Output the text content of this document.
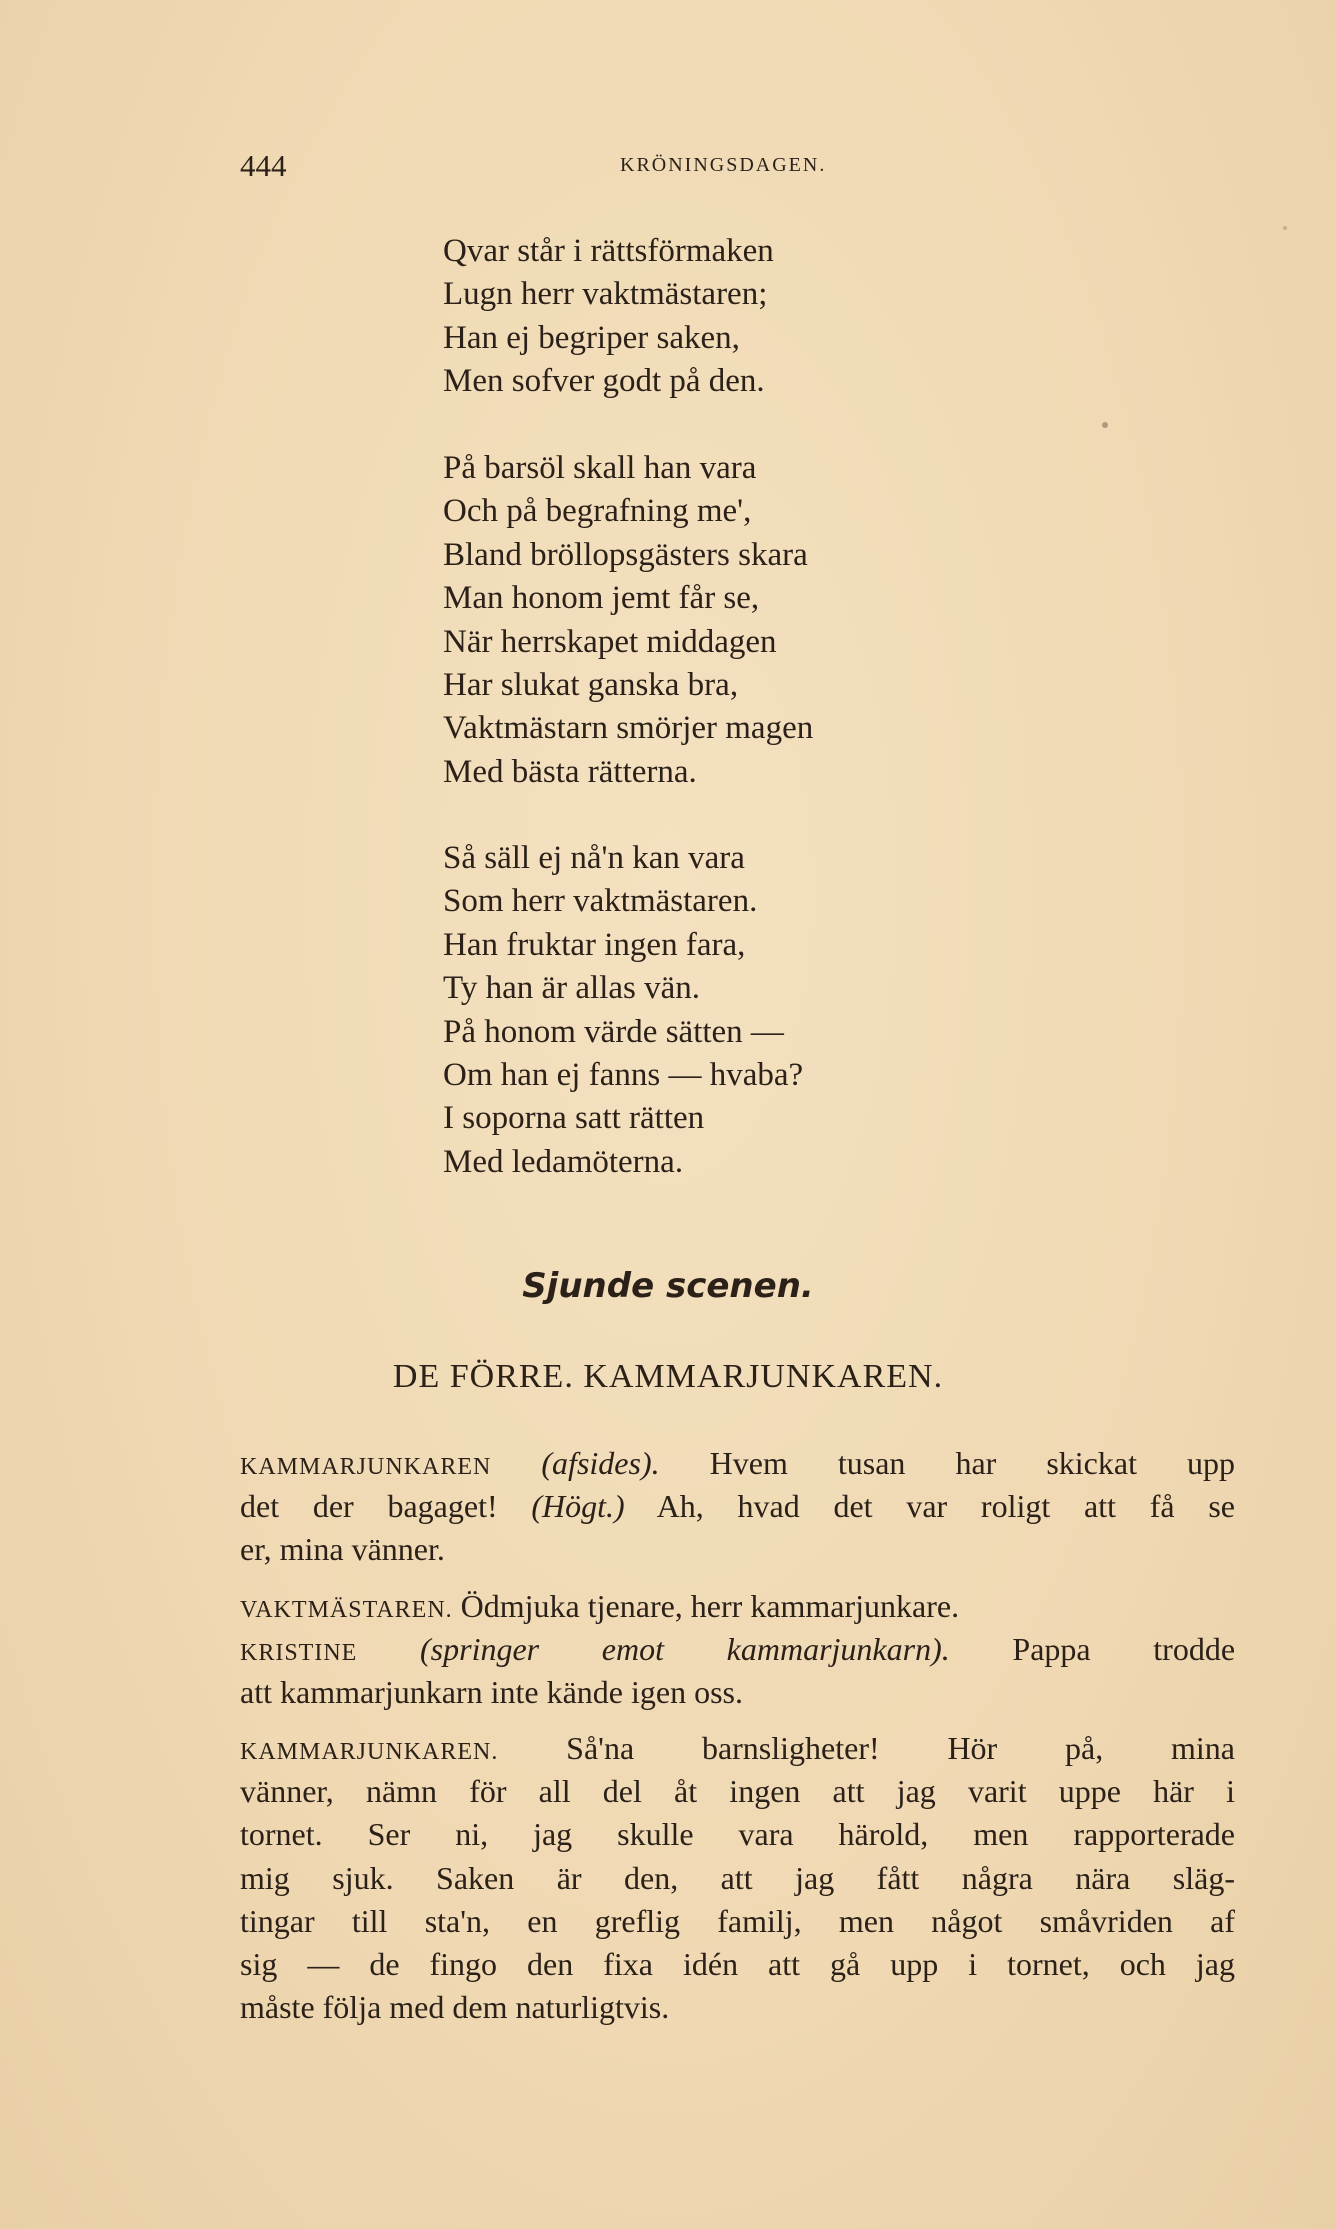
444	KRÖNINGSDAGEN.
Qvar står i rättsförmaken
Lugn herr vaktmästaren;
Han ej begriper saken,
Men sofver godt på den.
På barsöl skall han vara
Och på begrafning me',
Bland bröllopsgästers skara
Man honom jemt får se,
När herrskapet middagen
Har slukat ganska bra,
Vaktmästarn smörjer magen
Med bästa rätterna.
Så säll ej nå'n kan vara
Som herr vaktmästaren.
Han fruktar ingen fara,
Ty han är allas vän.
På honom värde sätten —
Om han ej fanns — hvaba?
I soporna satt rätten
Med ledamöterna.
Sjunde scenen.
DE FÖRRE. KAMMARJUNKAREN.
KAMMARJUNKAREN (afsides). Hvem tusan har skickat upp
det der bagaget! (Högt.) Ah, hvad det var roligt att få se
er, mina vänner.
VAKTMÄSTAREN. Ödmjuka tjenare, herr kammarjunkare.
KRISTINE (springer emot kammarjunkarn). Pappa trodde
att kammarjunkarn inte kände igen oss.
KAMMARJUNKAREN. Så'na barnsligheter! Hör på, mina
vänner, nämn för all del åt ingen att jag varit uppe här i
tornet. Ser ni, jag skulle vara härold, men rapporterade
mig sjuk. Saken är den, att jag fått några nära släg-
tingar till sta'n, en greflig familj, men något småvriden af
sig — de fingo den fixa idén att gå upp i tornet, och jag
måste följa med dem naturligtvis.
